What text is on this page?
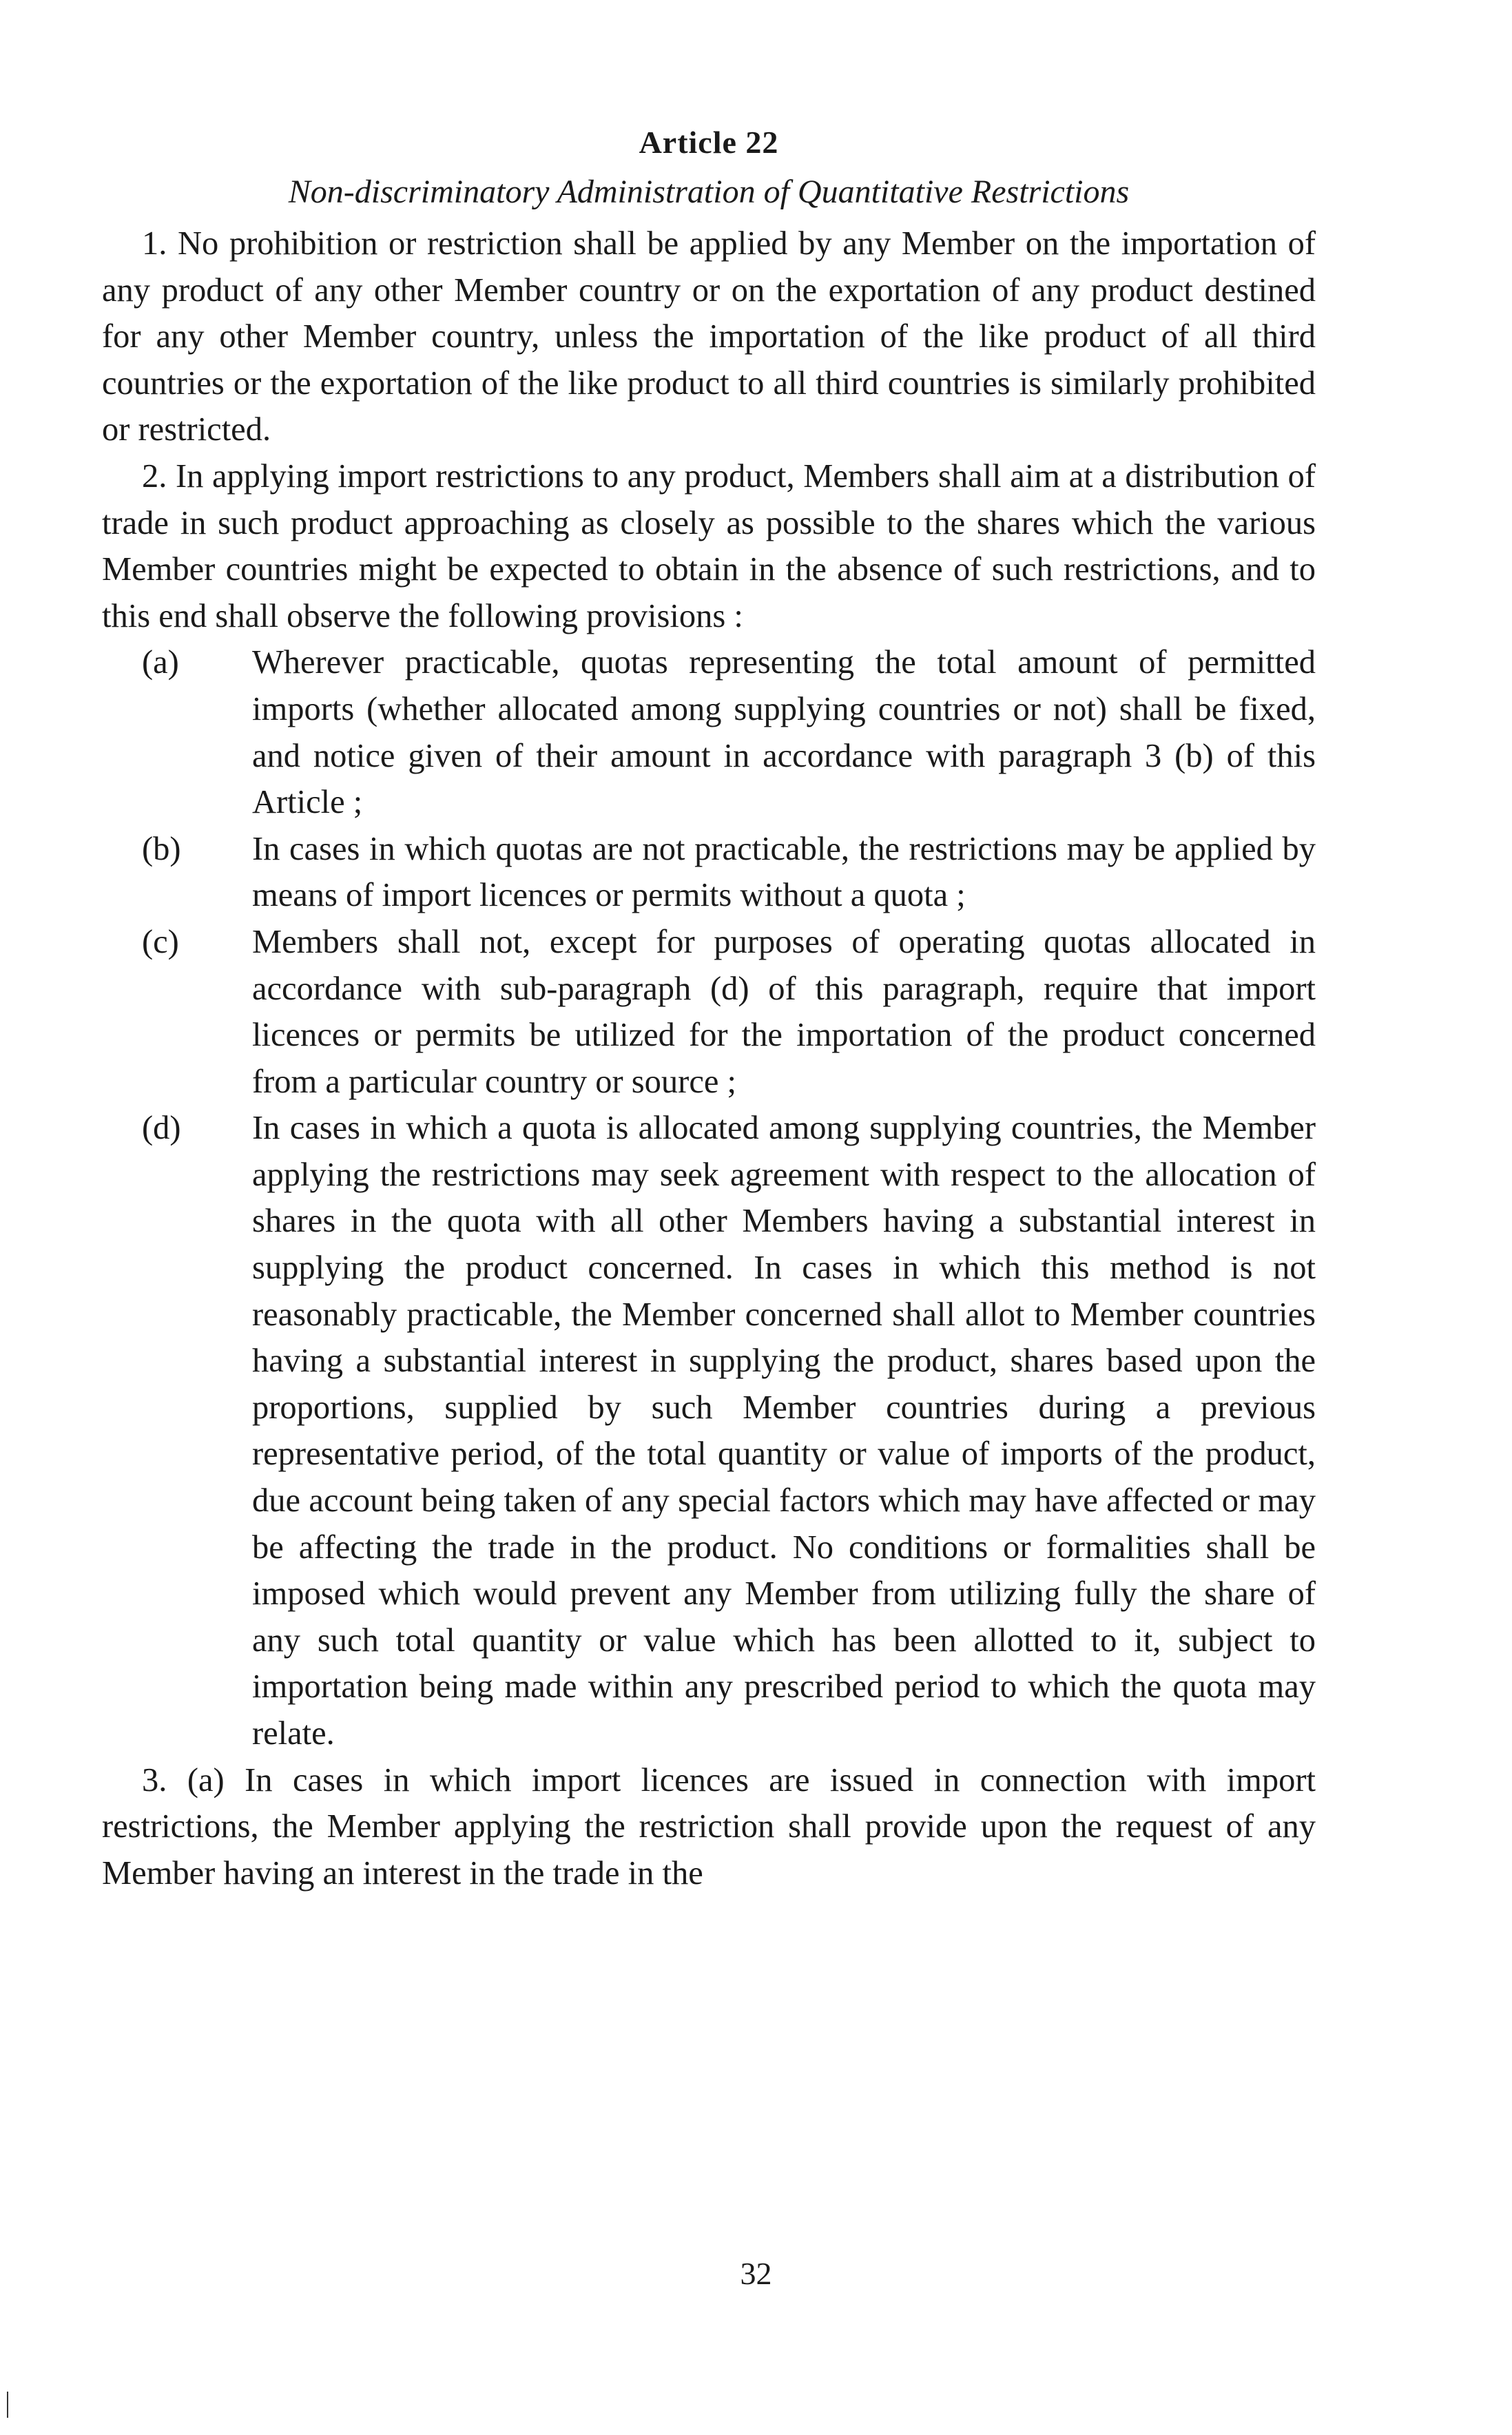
Article 22
Non-discriminatory Administration of Quantitative Restrictions

1. No prohibition or restriction shall be applied by any Member on the importation of any product of any other Member country or on the exportation of any product destined for any other Member country, unless the importation of the like product of all third countries or the exportation of the like product to all third countries is similarly prohibited or restricted.

2. In applying import restrictions to any product, Members shall aim at a distribution of trade in such product approaching as closely as possible to the shares which the various Member countries might be expected to obtain in the absence of such restrictions, and to this end shall observe the following provisions :

(a)	Wherever practicable, quotas representing the total amount of permitted imports (whether allocated among supplying countries or not) shall be fixed, and notice given of their amount in accordance with paragraph 3 (b) of this Article ;

(b)	In cases in which quotas are not practicable, the restrictions may be applied by means of import licences or permits without a quota ;

(c)	Members shall not, except for purposes of operating quotas allocated in accordance with sub-paragraph (d) of this paragraph, require that import licences or permits be utilized for the importation of the product concerned from a particular country or source ;

(d)	In cases in which a quota is allocated among supplying countries, the Member applying the restrictions may seek agreement with respect to the allocation of shares in the quota with all other Members having a substantial interest in supplying the product concerned. In cases in which this method is not reasonably practicable, the Member concerned shall allot to Member countries having a substantial interest in supplying the product, shares based upon the proportions, supplied by such Member countries during a previous representative period, of the total quantity or value of imports of the product, due account being taken of any special factors which may have affected or may be affecting the trade in the product. No conditions or formalities shall be imposed which would prevent any Member from utilizing fully the share of any such total quantity or value which has been allotted to it, subject to importation being made within any prescribed period to which the quota may relate.

3. (a) In cases in which import licences are issued in connection with import restrictions, the Member applying the restriction shall provide upon the request of any Member having an interest in the trade in the

32
